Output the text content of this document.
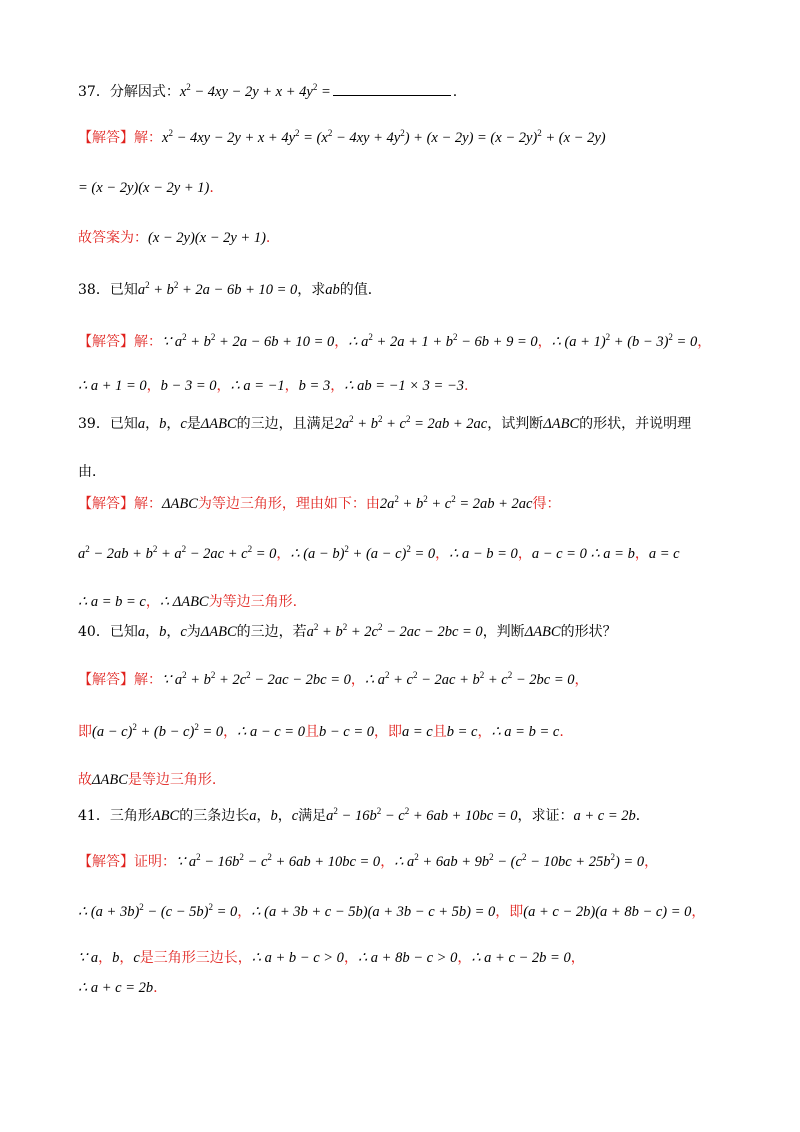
37．分解因式：$x^2 - 4xy - 2y + x + 4y^2$ =	.
【解答】解：$x^2 - 4xy - 2y + x + 4y^2 = (x^2 - 4xy + 4y^2) + (x - 2y) = (x - 2y)^2 + (x - 2y)$
= (x − 2y)(x − 2y + 1).
故答案为：(x − 2y)(x − 2y + 1).
38．已知$a^2 + b^2 + 2a - 6b + 10 = 0$，求ab的值．
【解答】解：∵ $a^2 + b^2 + 2a - 6b + 10 = 0$，∴ $a^2 + 2a + 1 + b^2 - 6b + 9 = 0$，∴ $(a + 1)^2 + (b - 3)^2 = 0$，
∴ a + 1 = 0，b − 3 = 0，∴ a = −1，b = 3，∴ ab = −1 × 3 = −3.
39．已知a，b，c是ΔABC的三边，且满足$2a^2 + b^2 + c^2 = 2ab + 2ac$，试判断ΔABC的形状，并说明理
由．
【解答】解：ΔABC为等边三角形，理由如下：由$2a^2 + b^2 + c^2 = 2ab + 2ac$得：
$a^2 - 2ab + b^2 + a^2 - 2ac + c^2 = 0$，∴ $(a - b)^2 + (a - c)^2 = 0$，∴ a − b = 0，a − c = 0 ∴ a = b，a = c
∴ a = b = c，∴ ΔABC为等边三角形.
40．已知a，b，c为ΔABC的三边，若$a^2 + b^2 + 2c^2 - 2ac - 2bc = 0$，判断ΔABC的形状？
【解答】解：∵ $a^2 + b^2 + 2c^2 - 2ac - 2bc = 0$，∴ $a^2 + c^2 - 2ac + b^2 + c^2 - 2bc = 0$，
即$(a - c)^2 + (b - c)^2 = 0$，∴ a − c = 0且b − c = 0，即a = c且b = c，∴ a = b = c.
故ΔABC是等边三角形.
41．三角形ABC的三条边长a，b，c满足$a^2 - 16b^2 - c^2 + 6ab + 10bc = 0$，求证：a + c = 2b．
【解答】证明：∵ $a^2 - 16b^2 - c^2 + 6ab + 10bc = 0$，∴ $a^2 + 6ab + 9b^2 - (c^2 - 10bc + 25b^2) = 0$，
∴ $(a + 3b)^2 - (c - 5b)^2 = 0$，∴ (a + 3b + c − 5b)(a + 3b − c + 5b) = 0，即(a + c − 2b)(a + 8b − c) = 0，
∵ a，b，c是三角形三边长，∴ a + b − c > 0，∴ a + 8b − c > 0，∴ a + c − 2b = 0，
∴ a + c = 2b.
